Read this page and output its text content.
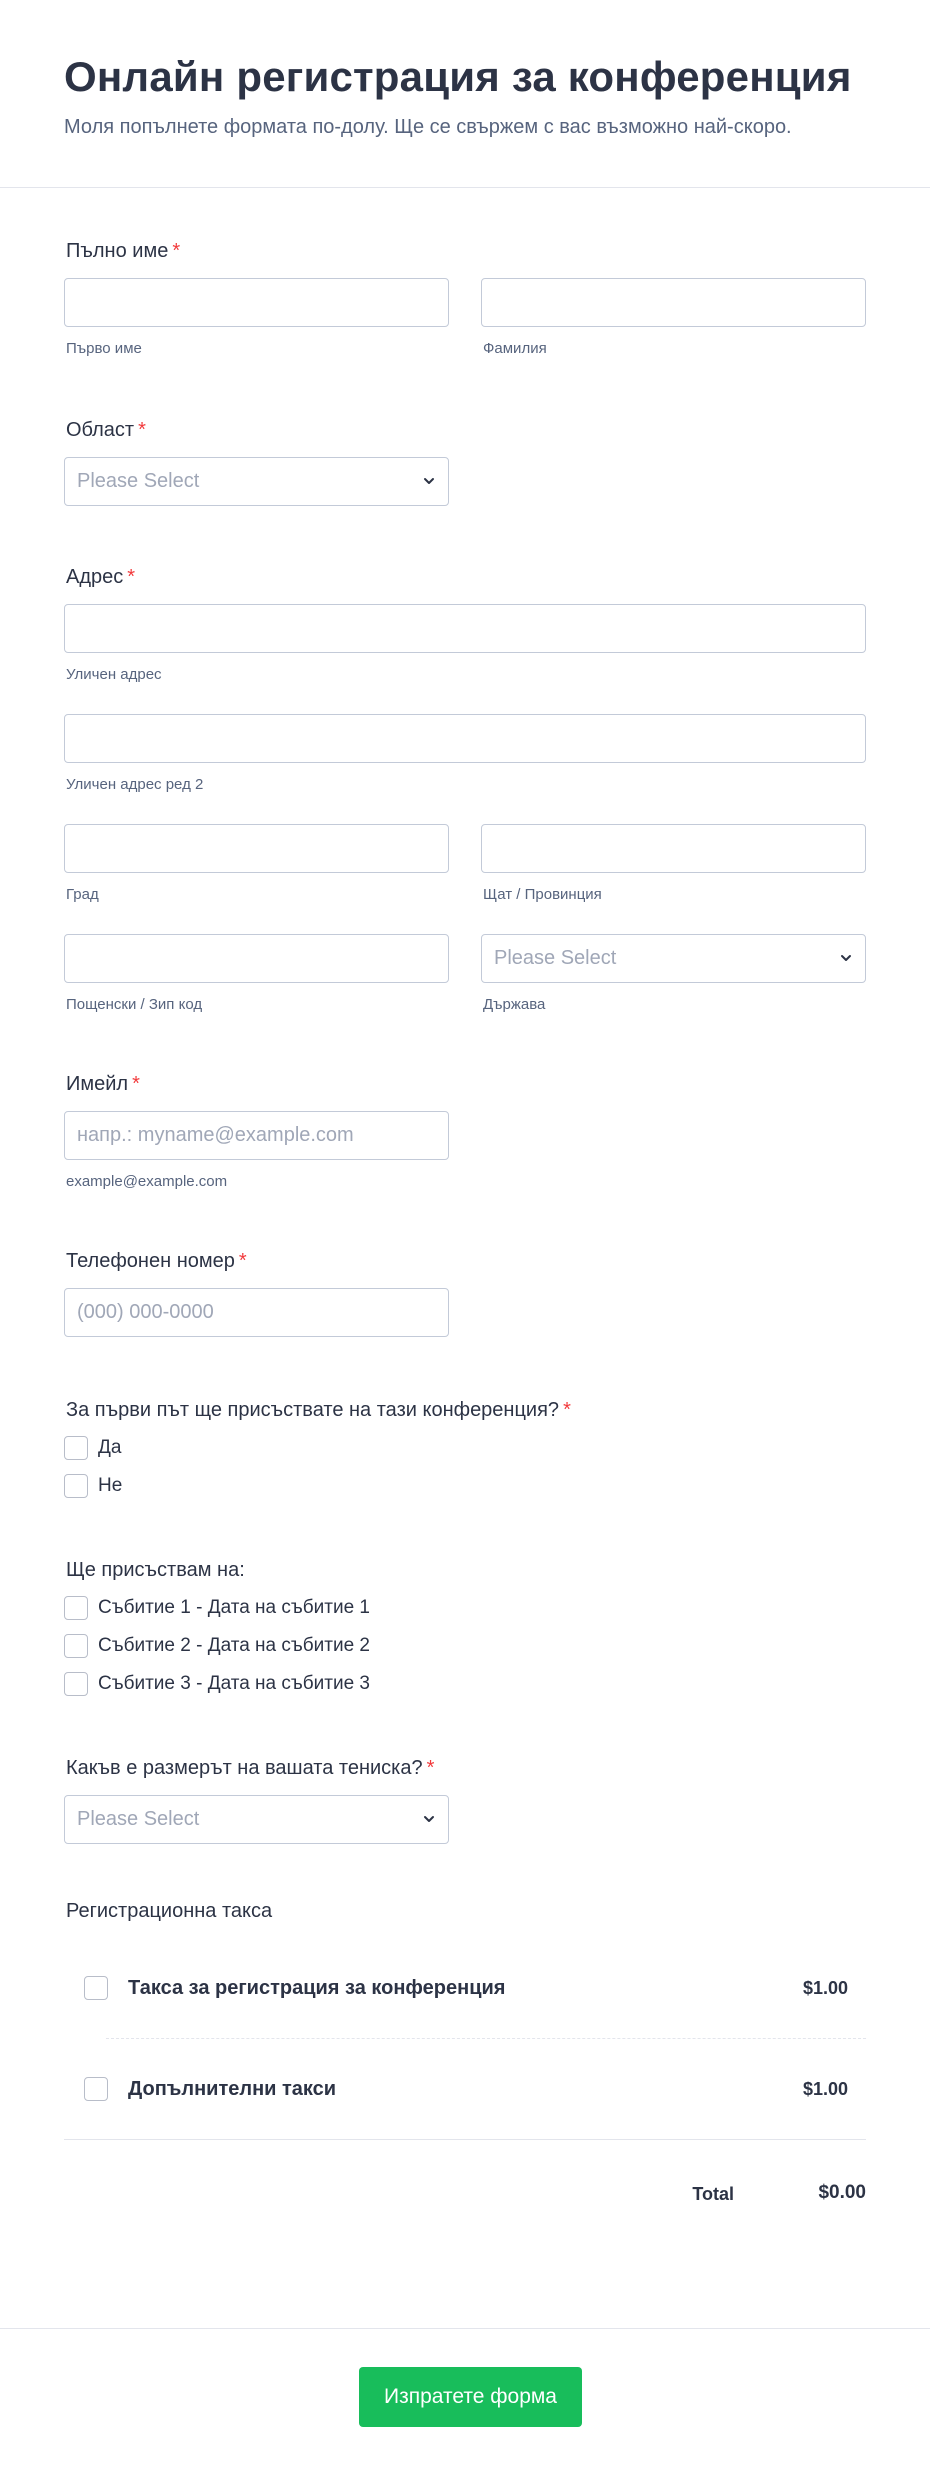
Онлайн регистрация за конференция

Моля попълнете формата по-долу. Ще се свържем с вас възможно най-скоро.

Пълно име *
Първо име	Фамилия
Област *
Please Select
Адрес *
Уличен адрес
Уличен адрес ред 2
Град	Щат / Провинция
Пощенски / Зип код
Please Select
Държава
Имейл *
напр.: myname@example.com
example@example.com
Телефонен номер *
(000) 000-0000
За първи път ще присъствате на тази конференция? *
Да
Не
Ще присъствам на:
Събитие 1 - Дата на събитие 1
Събитие 2 - Дата на събитие 2
Събитие 3 - Дата на събитие 3
Какъв е размерът на вашата тениска? *
Please Select
Регистрационна такса
Такса за регистрация за конференция	$1.00
Допълнителни такси	$1.00
Total	$0.00
Изпратете форма
